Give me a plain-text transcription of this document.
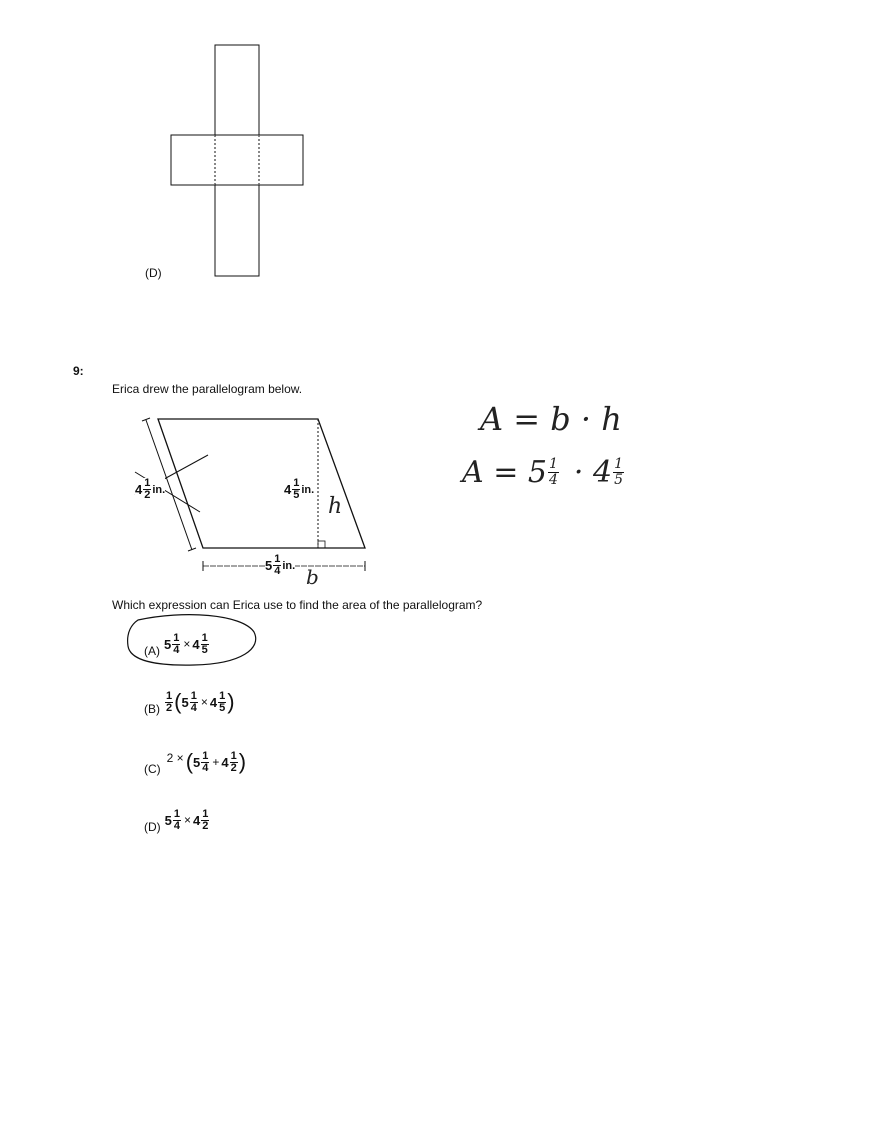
(D)
9:
Erica drew the parallelogram below.
$4 \frac{1}{2}$ in.	$4 \frac{1}{5}$ in.
$5 \frac{1}{4}$ in.
h
b
A = b · h
$A = 5 \frac{1}{4} \cdot 4 \frac{1}{5}$
Which expression can Erica use to find the area of the parallelogram?
(A) $5 \frac{1}{4} \times 4 \frac{1}{5}$
$(B) \frac{1}{2}$ ( $5 \frac{1}{4} \times 4 \frac{1}{5}$ )
(C)
2 × ( $5 \frac{1}{4} + 4 \frac{1}{2}$ )
(D) $5 \frac{1}{4} \times 4 \frac{1}{2}$
